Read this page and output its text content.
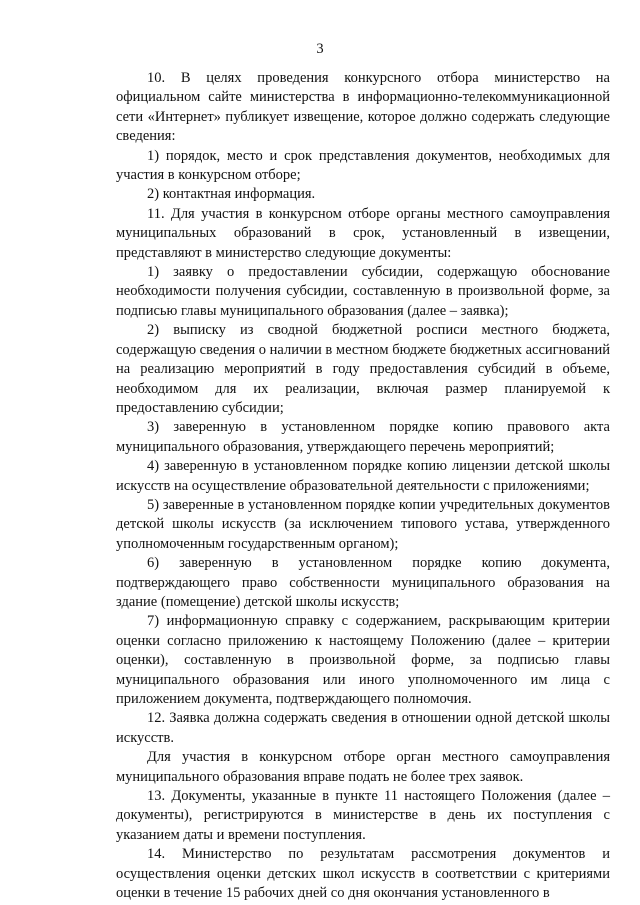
3

10. В целях проведения конкурсного отбора министерство на официальном сайте министерства в информационно-телекоммуникационной сети «Интернет» публикует извещение, которое должно содержать следующие сведения:

1) порядок, место и срок представления документов, необходимых для участия в конкурсном отборе;

2) контактная информация.

11. Для участия в конкурсном отборе органы местного самоуправления муниципальных образований в срок, установленный в извещении, представляют в министерство следующие документы:

1) заявку о предоставлении субсидии, содержащую обоснование необходимости получения субсидии, составленную в произвольной форме, за подписью главы муниципального образования (далее – заявка);

2) выписку из сводной бюджетной росписи местного бюджета, содержащую сведения о наличии в местном бюджете бюджетных ассигнований на реализацию мероприятий в году предоставления субсидий в объеме, необходимом для их реализации, включая размер планируемой к предоставлению субсидии;

3) заверенную в установленном порядке копию правового акта муниципального образования, утверждающего перечень мероприятий;

4) заверенную в установленном порядке копию лицензии детской школы искусств на осуществление образовательной деятельности с приложениями;

5) заверенные в установленном порядке копии учредительных документов детской школы искусств (за исключением типового устава, утвержденного уполномоченным государственным органом);

6) заверенную в установленном порядке копию документа, подтверждающего право собственности муниципального образования на здание (помещение) детской школы искусств;

7) информационную справку с содержанием, раскрывающим критерии оценки согласно приложению к настоящему Положению (далее – критерии оценки), составленную в произвольной форме, за подписью главы муниципального образования или иного уполномоченного им лица с приложением документа, подтверждающего полномочия.

12. Заявка должна содержать сведения в отношении одной детской школы искусств.

Для участия в конкурсном отборе орган местного самоуправления муниципального образования вправе подать не более трех заявок.

13. Документы, указанные в пункте 11 настоящего Положения (далее – документы), регистрируются в министерстве в день их поступления с указанием даты и времени поступления.

14. Министерство по результатам рассмотрения документов и осуществления оценки детских школ искусств в соответствии с критериями оценки в течение 15 рабочих дней со дня окончания установленного в
